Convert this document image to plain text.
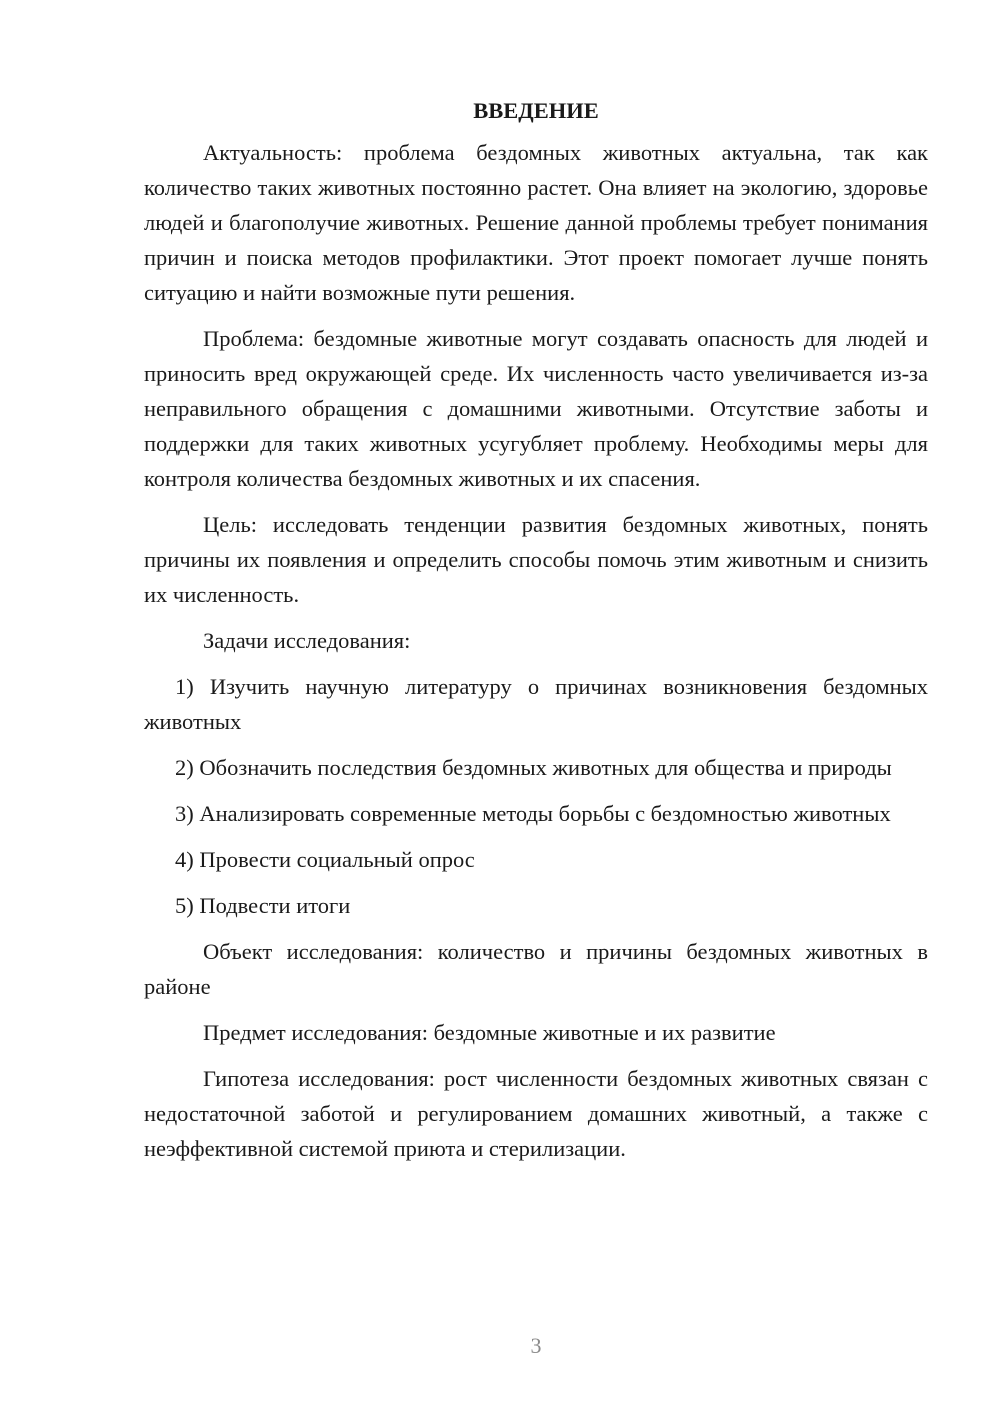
ВВЕДЕНИЕ

Актуальность: проблема бездомных животных актуальна, так как количество таких животных постоянно растет. Она влияет на экологию, здоровье людей и благополучие животных. Решение данной проблемы требует понимания причин и поиска методов профилактики. Этот проект помогает лучше понять ситуацию и найти возможные пути решения.

Проблема: бездомные животные могут создавать опасность для людей и приносить вред окружающей среде. Их численность часто увеличивается из-за неправильного обращения с домашними животными. Отсутствие заботы и поддержки для таких животных усугубляет проблему. Необходимы меры для контроля количества бездомных животных и их спасения.

Цель: исследовать тенденции развития бездомных животных, понять причины их появления и определить способы помочь этим животным и снизить их численность.

Задачи исследования:

1) Изучить научную литературу о причинах возникновения бездомных животных

2) Обозначить последствия бездомных животных для общества и природы

3) Анализировать современные методы борьбы с бездомностью животных

4) Провести социальный опрос

5) Подвести итоги

Объект исследования: количество и причины бездомных животных в районе

Предмет исследования: бездомные животные и их развитие

Гипотеза исследования: рост численности бездомных животных связан с недостаточной заботой и регулированием домашних животный, а также с неэффективной системой приюта и стерилизации.

3
